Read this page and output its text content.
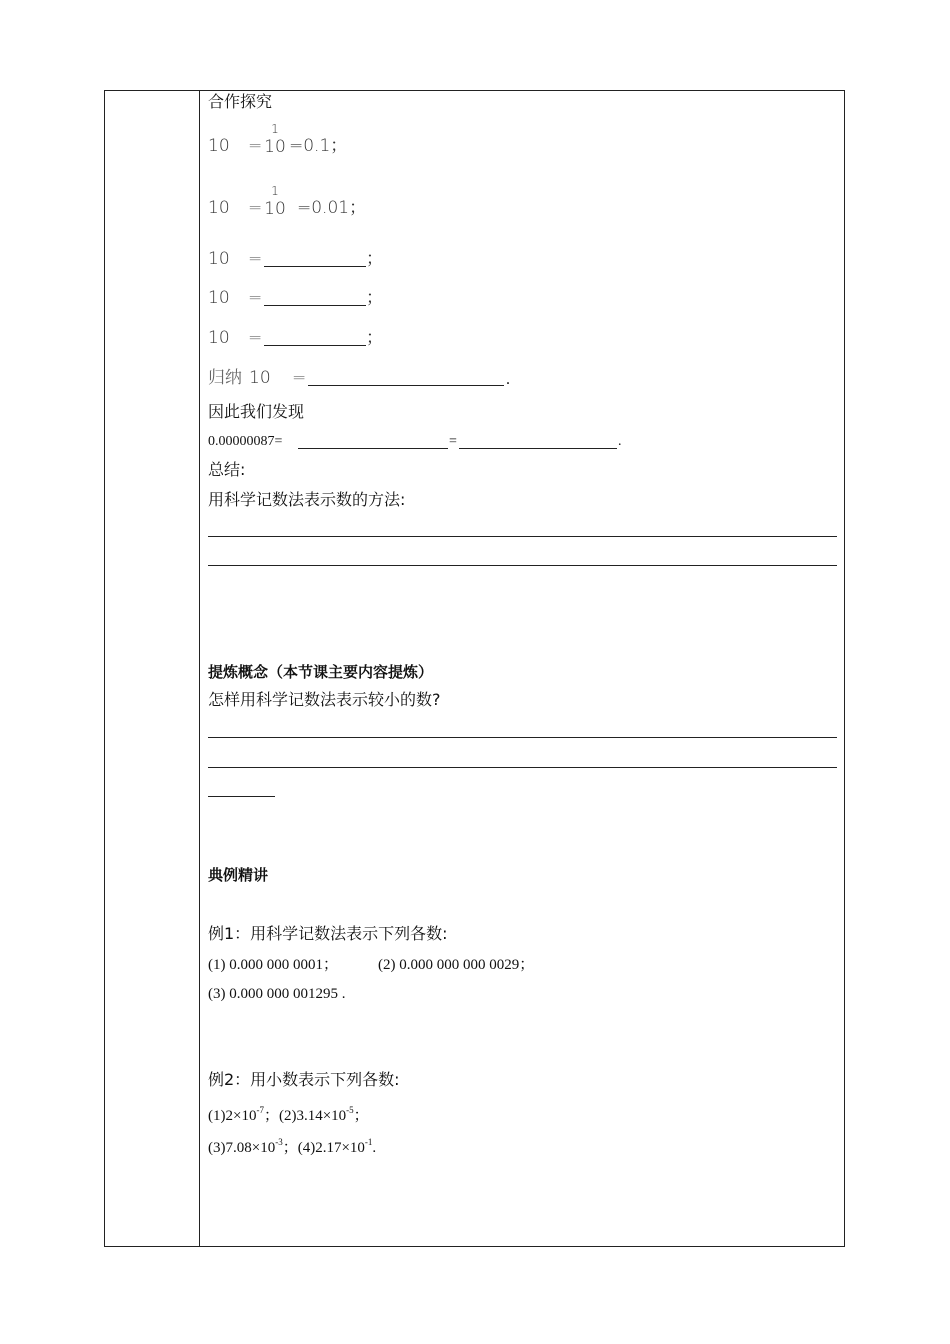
合作探究
10 =
1
10 =0.1；
10 =
1
10 =0.01；
10 =	；
10 =	；
10 =	；
归纳 10 =	.
因此我们发现
0.00000087=	=	.
总结:
用科学记数法表示数的方法:
提炼概念（本节课主要内容提炼）
怎样用科学记数法表示较小的数?
典例精讲
例1：用科学记数法表示下列各数:
(1) 0.000 000 0001；	(2) 0.000 000 000 0029；
(3) 0.000 000 001295 .
例2：用小数表示下列各数:
$(1)2\times 10^{-7}$；$(2)3.14\times 10^{-5}$；
$(3)7.08\times 10^{-3}$；$(4)2.17\times 10^{-1}$.
